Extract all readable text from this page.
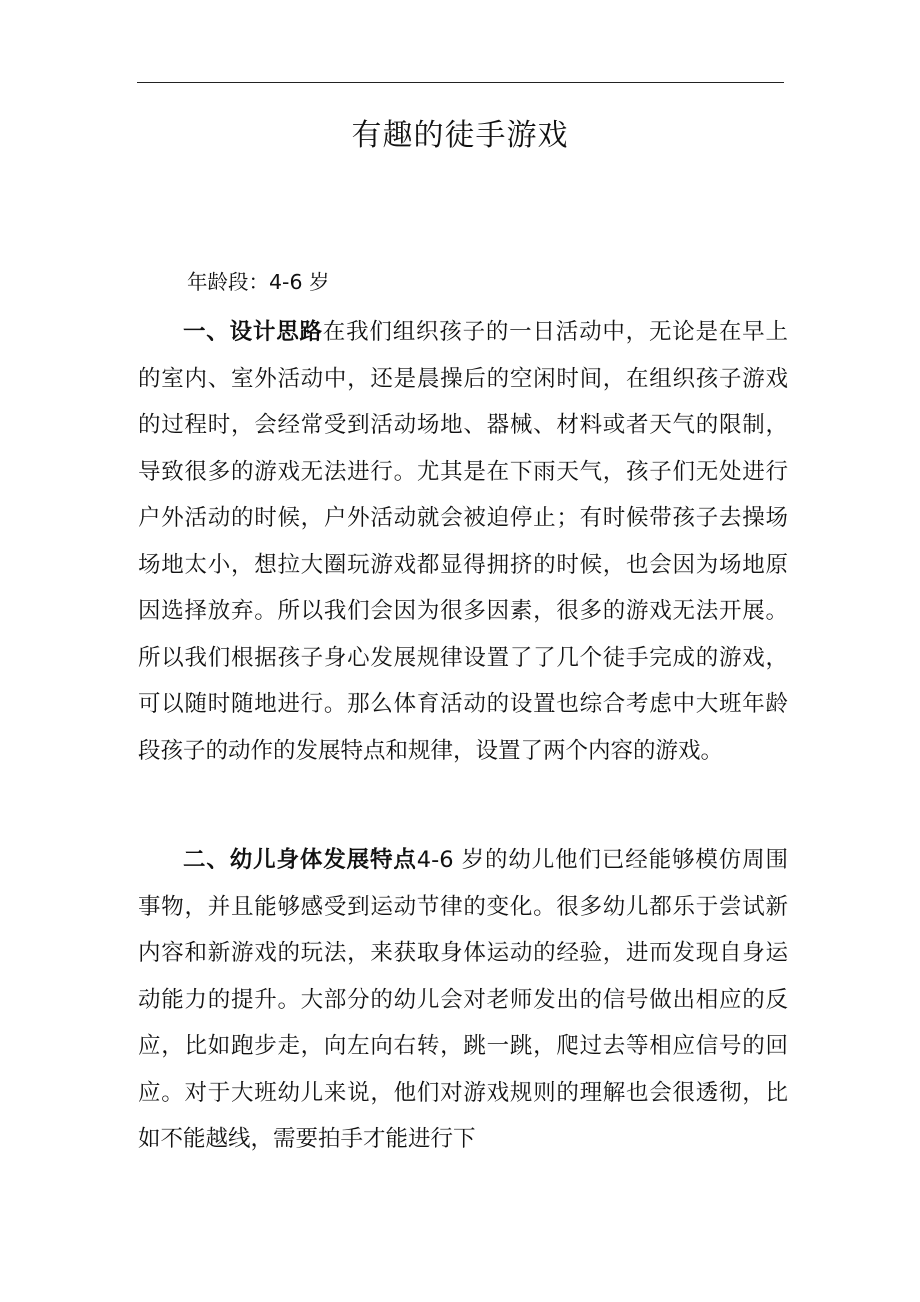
有趣的徒手游戏
年龄段：4-6 岁

一、设计思路在我们组织孩子的一日活动中，无论是在早上的室内、室外活动中，还是晨操后的空闲时间，在组织孩子游戏的过程时，会经常受到活动场地、器械、材料或者天气的限制，导致很多的游戏无法进行。尤其是在下雨天气，孩子们无处进行户外活动的时候，户外活动就会被迫停止；有时候带孩子去操场场地太小，想拉大圈玩游戏都显得拥挤的时候，也会因为场地原因选择放弃。所以我们会因为很多因素，很多的游戏无法开展。所以我们根据孩子身心发展规律设置了了几个徒手完成的游戏，可以随时随地进行。那么体育活动的设置也综合考虑中大班年龄段孩子的动作的发展特点和规律，设置了两个内容的游戏。

二、幼儿身体发展特点4-6 岁的幼儿他们已经能够模仿周围事物，并且能够感受到运动节律的变化。很多幼儿都乐于尝试新内容和新游戏的玩法，来获取身体运动的经验，进而发现自身运动能力的提升。大部分的幼儿会对老师发出的信号做出相应的反应，比如跑步走，向左向右转，跳一跳，爬过去等相应信号的回应。对于大班幼儿来说，他们对游戏规则的理解也会很透彻，比如不能越线，需要拍手才能进行下
